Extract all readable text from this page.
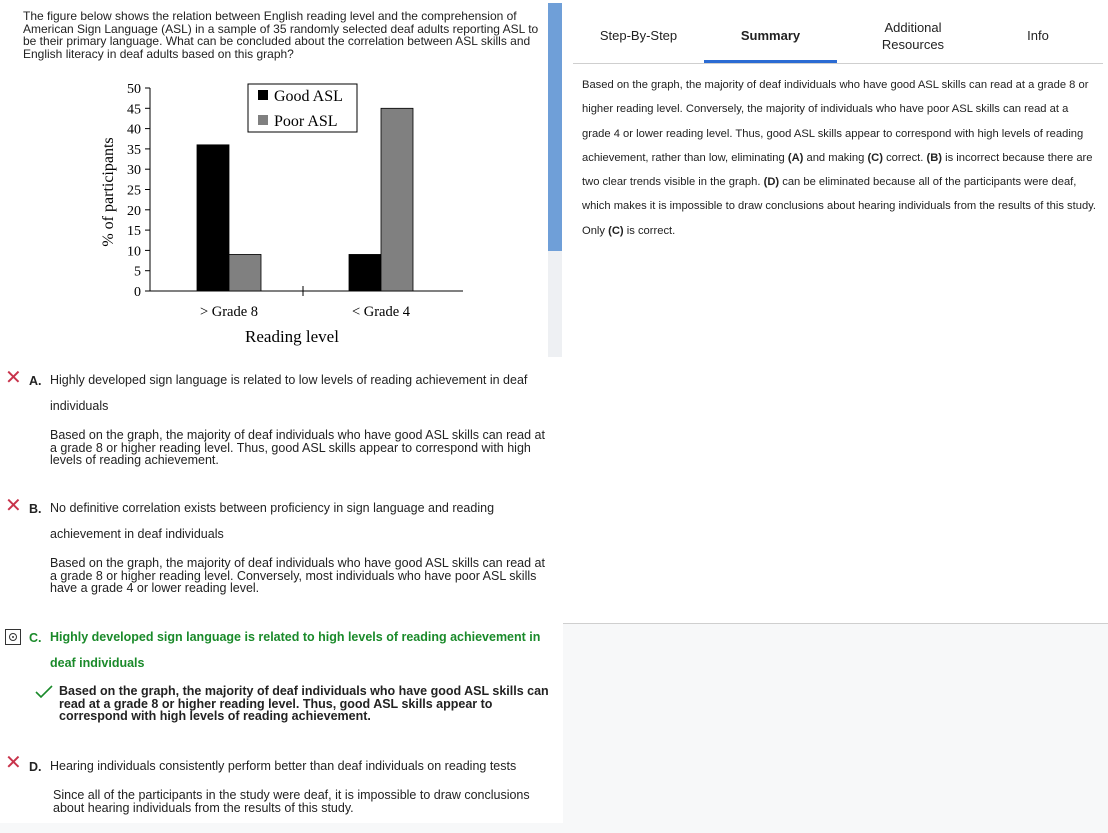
The figure below shows the relation between English reading level and the comprehension of American Sign Language (ASL) in a sample of 35 randomly selected deaf adults reporting ASL to be their primary language. What can be concluded about the correlation between ASL skills and English literacy in deaf adults based on this graph?
0
5
10
15
20
25
30
35
40
45
50
> Grade 8	< Grade 4
% of participants
Reading level
Good ASL
Poor ASL
✕ A. Highly developed sign language is related to low levels of reading achievement in deaf individuals
Based on the graph, the majority of deaf individuals who have good ASL skills can read at a grade 8 or higher reading level. Thus, good ASL skills appear to correspond with high levels of reading achievement.
✕ B. No definitive correlation exists between proficiency in sign language and reading achievement in deaf individuals
Based on the graph, the majority of deaf individuals who have good ASL skills can read at a grade 8 or higher reading level. Conversely, most individuals who have poor ASL skills have a grade 4 or lower reading level.
C. Highly developed sign language is related to high levels of reading achievement in deaf individuals
Based on the graph, the majority of deaf individuals who have good ASL skills can read at a grade 8 or higher reading level. Thus, good ASL skills appear to correspond with high levels of reading achievement.
✕ D. Hearing individuals consistently perform better than deaf individuals on reading tests
Since all of the participants in the study were deaf, it is impossible to draw conclusions about hearing individuals from the results of this study.
Step-By-Step	Summary
Additional Resources
Info
Based on the graph, the majority of deaf individuals who have good ASL skills can read at a grade 8 or higher reading level. Conversely, the majority of individuals who have poor ASL skills can read at a grade 4 or lower reading level. Thus, good ASL skills appear to correspond with high levels of reading achievement, rather than low, eliminating (A) and making (C) correct. (B) is incorrect because there are two clear trends visible in the graph. (D) can be eliminated because all of the participants were deaf, which makes it is impossible to draw conclusions about hearing individuals from the results of this study. Only (C) is correct.
